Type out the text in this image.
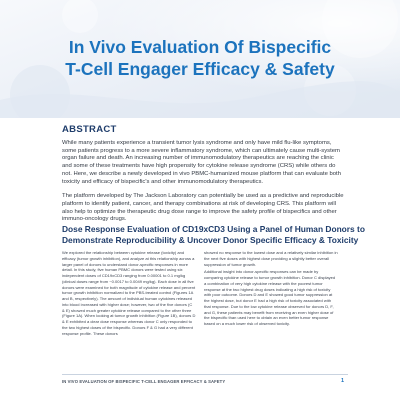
In Vivo Evaluation Of Bispecific
T-Cell Engager Efficacy & Safety
ABSTRACT

While many patients experience a transient tumor lysis syndrome and only have mild flu-like symptoms, some patients progress to a more severe inflammatory syndrome, which can ultimately cause multi-system organ failure and death. An increasing number of immunomodulatory therapeutics are reaching the clinic and some of these treatments have high propensity for cytokine release syndrome (CRS) while others do not. Here, we describe a newly developed in vivo PBMC-humanized mouse platform that can evaluate both toxicity and efficacy of bispecific's and other immunomodulatory therapeutics.

The platform developed by The Jackson Laboratory can potentially be used as a predictive and reproducible platform to identify patient, cancer, and therapy combinations at risk of developing CRS. This platform will also help to optimize the therapeutic drug dose range to improve the safety profile of bispecifics and other immuno-oncology drugs.

Dose Response Evaluation of CD19xCD3 Using a Panel of Human Donors to
Demonstrate Reproducibility & Uncover Donor Specific Efficacy & Toxicity

We explored the relationship between cytokine release (toxicity) and efficacy (tumor growth inhibition), and analyze at this relationship across a larger panel of donors to understand donor-specific responses in more detail. In this study, five human PBMC donors were tested using six independent doses of CD19xCD3 ranging from 0.00001 to 0.1 mg/kg (clinical doses range from ~0.0017 to 0.0049 mg/kg). Each dose in all five donors were examined for both magnitude of cytokine release and percent tumor growth inhibition normalized to the PBS-treated control (Figures 1A and B, respectively). The amount of individual human cytokines released into blood increased with higher dose; however, two of the five donors (C & E) showed much greater cytokine release compared to the other three (Figure 1A). When looking at tumor growth inhibition (Figure 1B), donors D & E exhibited a clear dose response whereas donor C only responded to the two highest doses of the bispecific. Donors F & G had a very different response profile. These donors

showed no response to the lowest dose and a relatively similar inhibition in the next five doses with highest dose providing a slightly better overall suppression of tumor growth.

Additional insight into donor-specific responses can be made by comparing cytokine release to tumor growth inhibition. Donor C displayed a combination of very high cytokine release with the poorest tumor response at the two highest drug doses indicating a high risk of toxicity with poor outcome. Donors D and E showed good tumor suppression at the highest dose, but donor E had a high risk of toxicity associated with that response. Due to the low cytokine release observed for donors D, F, and G, these patients may benefit from receiving an even higher dose of the bispecific than used here to obtain an even better tumor response based on a much lower risk of observed toxicity.

IN VIVO EVALUATION OF BISPECIFIC T-CELL ENGAGER EFFICACY & SAFETY	1
